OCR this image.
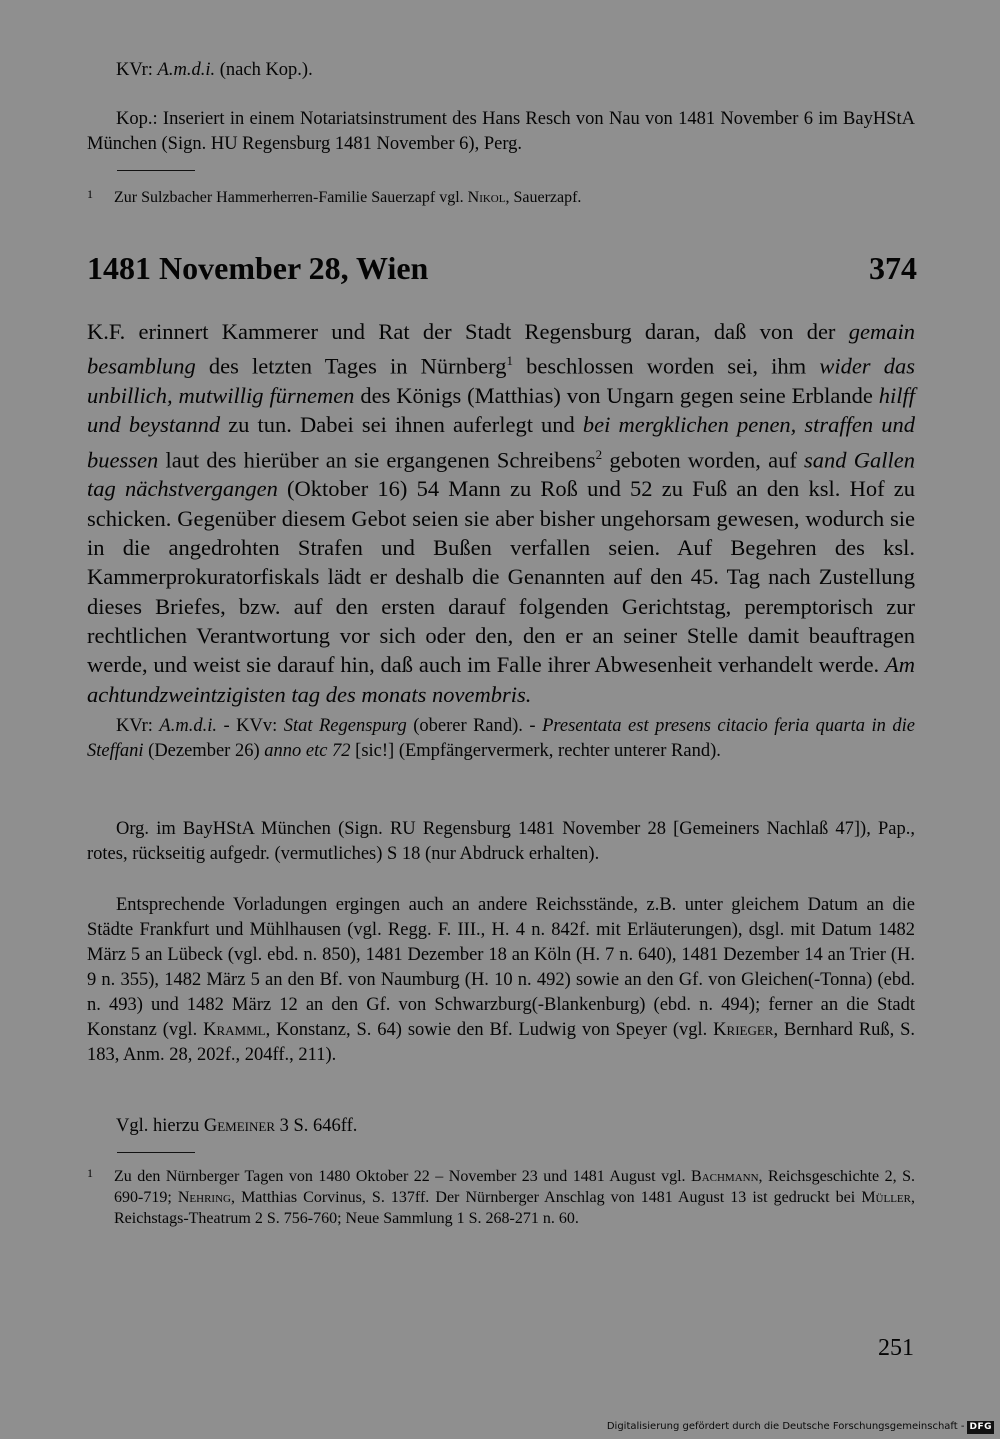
KVr: A.m.d.i. (nach Kop.).

Kop.: Inseriert in einem Notariatsinstrument des Hans Resch von Nau von 1481 November 6 im BayHStA München (Sign. HU Regensburg 1481 November 6), Perg.

1	Zur Sulzbacher Hammerherren-Familie Sauerzapf vgl. Nikol, Sauerzapf.
1481 November 28, Wien	374

K.F. erinnert Kammerer und Rat der Stadt Regensburg daran, daß von der gemain besamblung des letzten Tages in Nürnberg$^1$ beschlossen worden sei, ihm wider das unbillich, mutwillig fürnemen des Königs (Matthias) von Ungarn gegen seine Erblande hilff und beystannd zu tun. Dabei sei ihnen auferlegt und bei mergklichen penen, straffen und buessen laut des hierüber an sie ergangenen Schreibens$^2$ geboten worden, auf sand Gallen tag nächstvergangen (Oktober 16) 54 Mann zu Roß und 52 zu Fuß an den ksl. Hof zu schicken. Gegenüber diesem Gebot seien sie aber bisher ungehorsam gewesen, wodurch sie in die angedrohten Strafen und Bußen verfallen seien. Auf Begehren des ksl. Kammerprokuratorfiskals lädt er deshalb die Genannten auf den 45. Tag nach Zustellung dieses Briefes, bzw. auf den ersten darauf folgenden Gerichtstag, peremptorisch zur rechtlichen Verantwortung vor sich oder den, den er an seiner Stelle damit beauftragen werde, und weist sie darauf hin, daß auch im Falle ihrer Abwesenheit verhandelt werde. Am achtundzweintzigisten tag des monats novembris.

KVr: A.m.d.i. - KVv: Stat Regenspurg (oberer Rand). - Presentata est presens citacio feria quarta in die Steffani (Dezember 26) anno etc 72 [sic!] (Empfängervermerk, rechter unterer Rand).

Org. im BayHStA München (Sign. RU Regensburg 1481 November 28 [Gemeiners Nachlaß 47]), Pap., rotes, rückseitig aufgedr. (vermutliches) S 18 (nur Abdruck erhalten).

Entsprechende Vorladungen ergingen auch an andere Reichsstände, z.B. unter gleichem Datum an die Städte Frankfurt und Mühlhausen (vgl. Regg. F. III., H. 4 n. 842f. mit Erläuterungen), dsgl. mit Datum 1482 März 5 an Lübeck (vgl. ebd. n. 850), 1481 Dezember 18 an Köln (H. 7 n. 640), 1481 Dezember 14 an Trier (H. 9 n. 355), 1482 März 5 an den Bf. von Naumburg (H. 10 n. 492) sowie an den Gf. von Gleichen(-Tonna) (ebd. n. 493) und 1482 März 12 an den Gf. von Schwarzburg(-Blankenburg) (ebd. n. 494); ferner an die Stadt Konstanz (vgl. Kramml, Konstanz, S. 64) sowie den Bf. Ludwig von Speyer (vgl. Krieger, Bernhard Ruß, S. 183, Anm. 28, 202f., 204ff., 211).

Vgl. hierzu Gemeiner 3 S. 646ff.

1	Zu den Nürnberger Tagen von 1480 Oktober 22 – November 23 und 1481 August vgl. Bachmann, Reichsgeschichte 2, S. 690-719; Nehring, Matthias Corvinus, S. 137ff. Der Nürnberger Anschlag von 1481 August 13 ist gedruckt bei Müller, Reichstags-Theatrum 2 S. 756-760; Neue Sammlung 1 S. 268-271 n. 60.
251
Digitalisierung gefördert durch die Deutsche Forschungsgemeinschaft - DFG
